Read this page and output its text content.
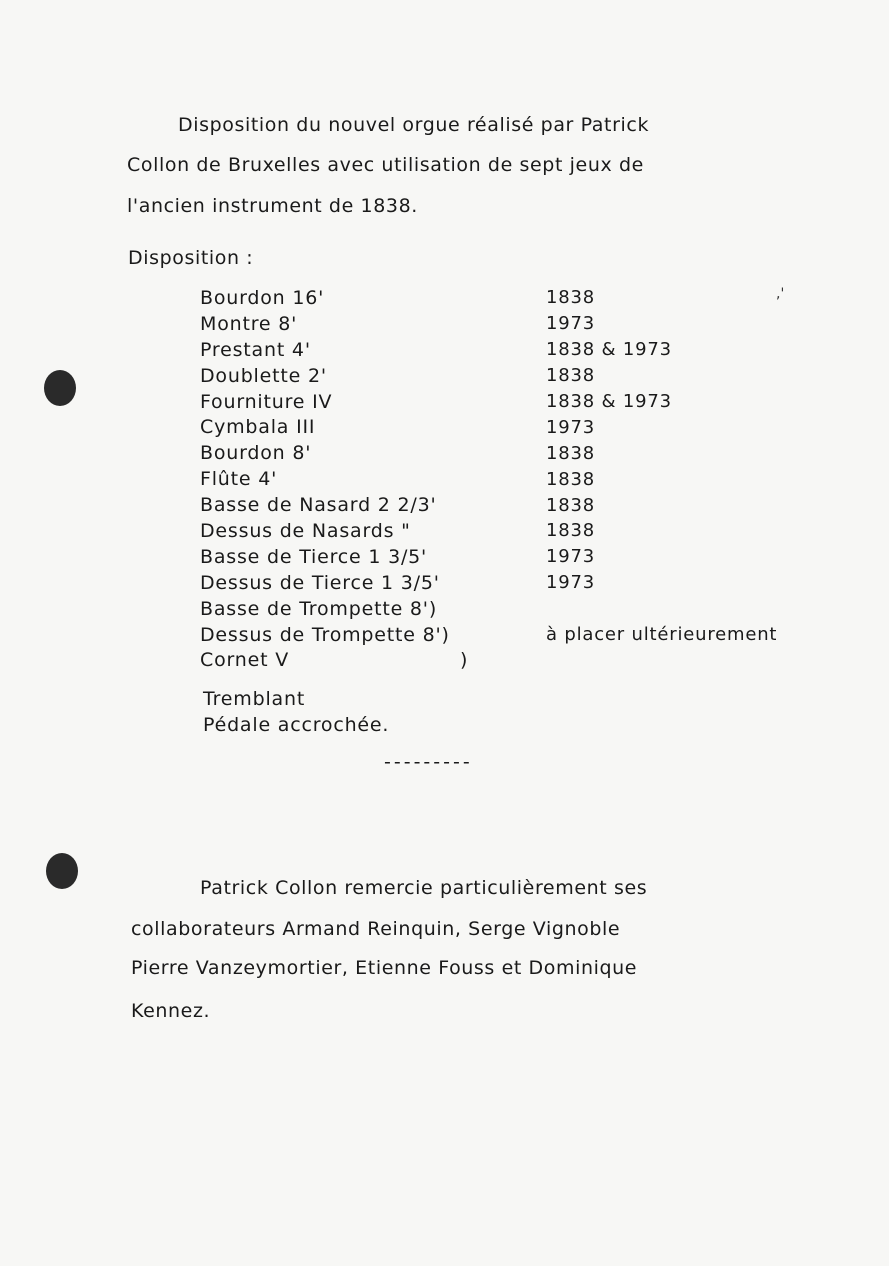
Disposition du nouvel orgue réalisé par Patrick
Collon de Bruxelles avec utilisation de sept jeux de
l'ancien instrument de 1838.
Disposition :
,'
Bourdon 16'	1838
Montre 8'	1973
Prestant 4'	1838 & 1973
Doublette 2'	1838
Fourniture IV	1838 & 1973
Cymbala III	1973
Bourdon 8'	1838
Flûte 4'	1838
Basse de Nasard 2 2/3'	1838
Dessus de Nasards "	1838
Basse de Tierce 1 3/5'	1973
Dessus de Tierce 1 3/5'	1973
Basse de Trompette 8')
Dessus de Trompette 8')	à placer ultérieurement
Cornet V                         )
Tremblant
Pédale accrochée.
---------
Patrick Collon remercie particulièrement ses
collaborateurs Armand Reinquin, Serge Vignoble
Pierre Vanzeymortier, Etienne Fouss et Dominique
Kennez.
